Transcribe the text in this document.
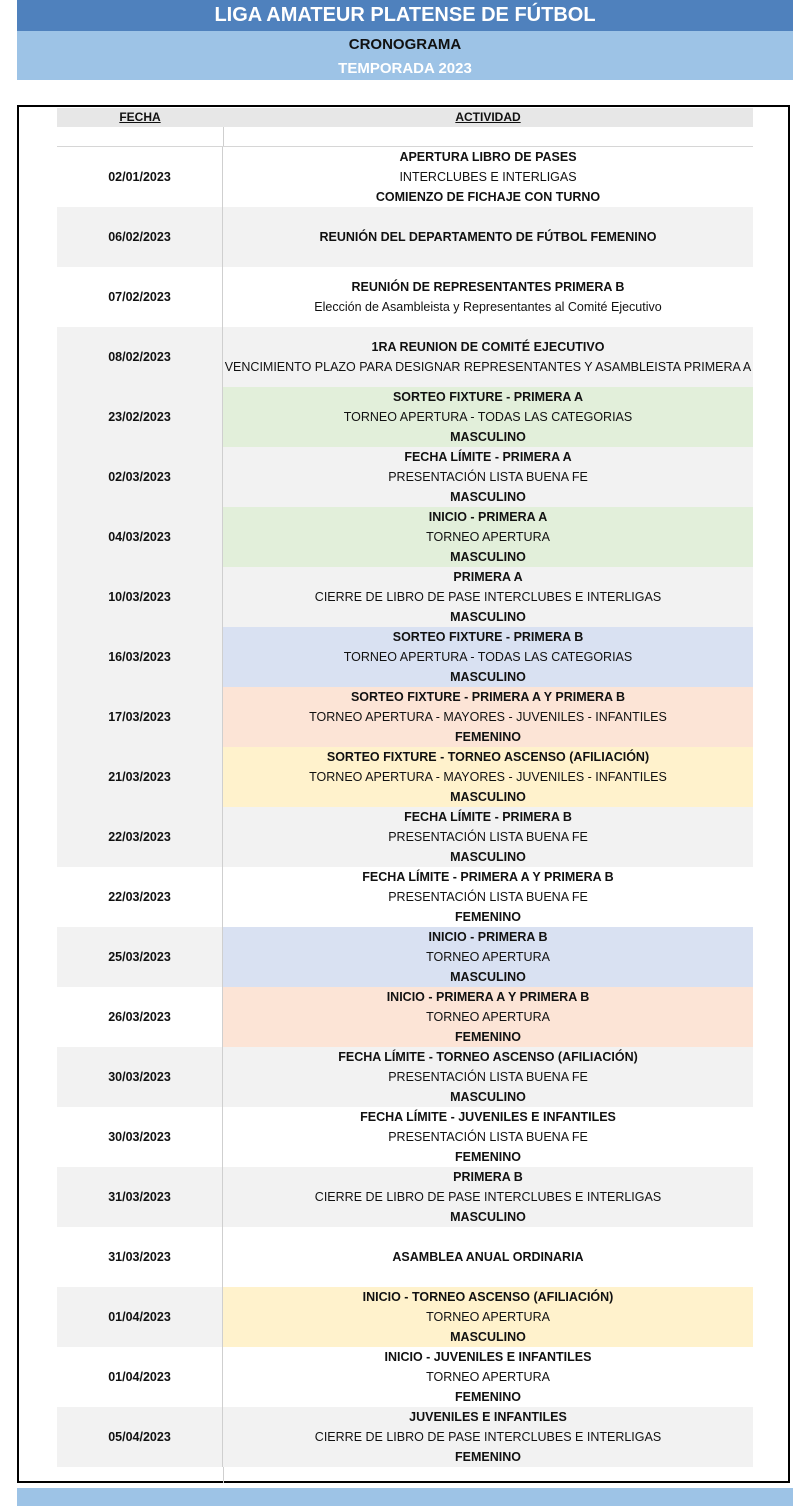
LIGA AMATEUR PLATENSE DE FÚTBOL
CRONOGRAMA
TEMPORADA 2023
FECHA	ACTIVIDAD
02/01/2023
APERTURA LIBRO DE PASES
INTERCLUBES E INTERLIGAS
COMIENZO DE FICHAJE CON TURNO
06/02/2023	REUNIÓN DEL DEPARTAMENTO DE FÚTBOL FEMENINO
07/02/2023
REUNIÓN DE REPRESENTANTES PRIMERA B
Elección de Asambleista y Representantes al Comité Ejecutivo
08/02/2023
1RA REUNION DE COMITÉ EJECUTIVO
VENCIMIENTO PLAZO PARA DESIGNAR REPRESENTANTES Y ASAMBLEISTA PRIMERA A
23/02/2023
SORTEO FIXTURE - PRIMERA A
TORNEO APERTURA - TODAS LAS CATEGORIAS
MASCULINO
02/03/2023
FECHA LÍMITE - PRIMERA A
PRESENTACIÓN LISTA BUENA FE
MASCULINO
04/03/2023
INICIO - PRIMERA A
TORNEO APERTURA
MASCULINO
10/03/2023
PRIMERA A
CIERRE DE LIBRO DE PASE INTERCLUBES E INTERLIGAS
MASCULINO
16/03/2023
SORTEO FIXTURE - PRIMERA B
TORNEO APERTURA - TODAS LAS CATEGORIAS
MASCULINO
17/03/2023
SORTEO FIXTURE - PRIMERA A Y PRIMERA B
TORNEO APERTURA - MAYORES - JUVENILES - INFANTILES
FEMENINO
21/03/2023
SORTEO FIXTURE - TORNEO ASCENSO (AFILIACIÓN)
TORNEO APERTURA - MAYORES - JUVENILES - INFANTILES
MASCULINO
22/03/2023
FECHA LÍMITE - PRIMERA B
PRESENTACIÓN LISTA BUENA FE
MASCULINO
22/03/2023
FECHA LÍMITE - PRIMERA A Y PRIMERA B
PRESENTACIÓN LISTA BUENA FE
FEMENINO
25/03/2023
INICIO - PRIMERA B
TORNEO APERTURA
MASCULINO
26/03/2023
INICIO - PRIMERA A Y PRIMERA B
TORNEO APERTURA
FEMENINO
30/03/2023
FECHA LÍMITE - TORNEO ASCENSO (AFILIACIÓN)
PRESENTACIÓN LISTA BUENA FE
MASCULINO
30/03/2023
FECHA LÍMITE - JUVENILES E INFANTILES
PRESENTACIÓN LISTA BUENA FE
FEMENINO
31/03/2023
PRIMERA B
CIERRE DE LIBRO DE PASE INTERCLUBES E INTERLIGAS
MASCULINO
31/03/2023	ASAMBLEA ANUAL ORDINARIA
01/04/2023
INICIO - TORNEO ASCENSO (AFILIACIÓN)
TORNEO APERTURA
MASCULINO
01/04/2023
INICIO - JUVENILES E INFANTILES
TORNEO APERTURA
FEMENINO
05/04/2023
JUVENILES E INFANTILES
CIERRE DE LIBRO DE PASE INTERCLUBES E INTERLIGAS
FEMENINO
